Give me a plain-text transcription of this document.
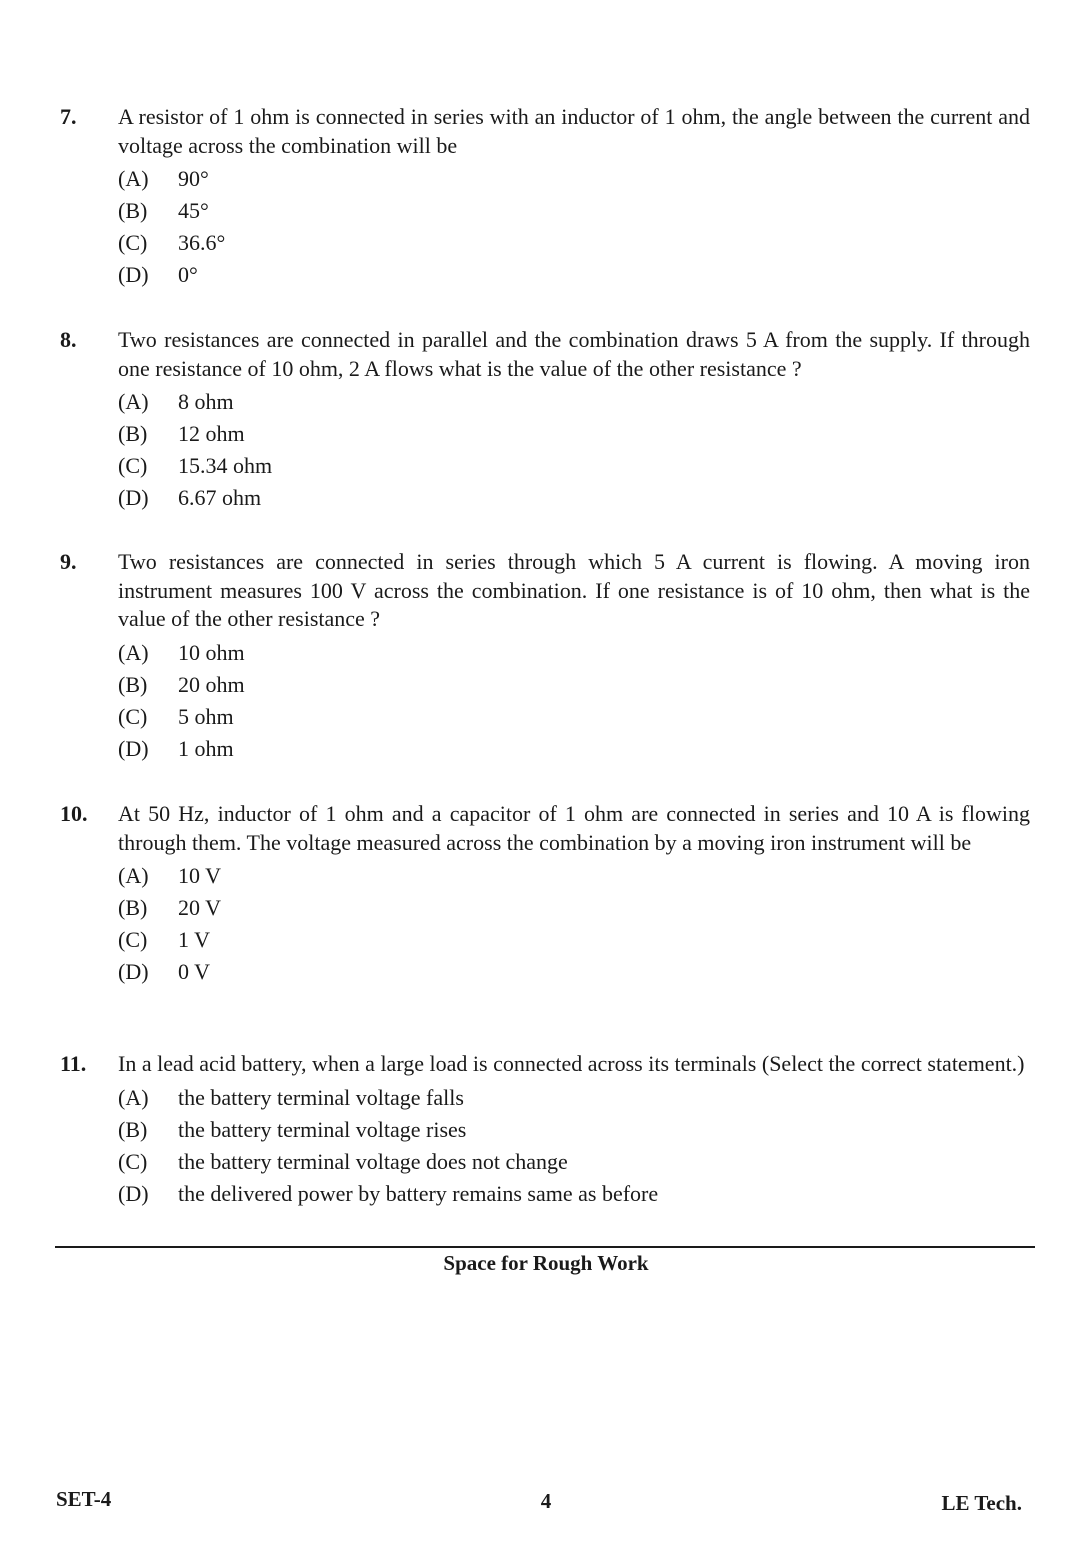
7.	A resistor of 1 ohm is connected in series with an inductor of 1 ohm, the angle between the current and voltage across the combination will be
(A)	90°
(B)	45°
(C)	36.6°
(D)	0°
8.	Two resistances are connected in parallel and the combination draws 5 A from the supply. If through one resistance of 10 ohm, 2 A flows what is the value of the other resistance ?
(A)	8 ohm
(B)	12 ohm
(C)	15.34 ohm
(D)	6.67 ohm
9.	Two resistances are connected in series through which 5 A current is flowing. A moving iron instrument measures 100 V across the combination. If one resistance is of 10 ohm, then what is the value of the other resistance ?
(A)	10 ohm
(B)	20 ohm
(C)	5 ohm
(D)	1 ohm
10.	At 50 Hz, inductor of 1 ohm and a capacitor of 1 ohm are connected in series and 10 A is flowing through them. The voltage measured across the combination by a moving iron instrument will be
(A)	10 V
(B)	20 V
(C)	1 V
(D)	0 V
11.	In a lead acid battery, when a large load is connected across its terminals (Select the correct statement.)
(A)	the battery terminal voltage falls
(B)	the battery terminal voltage rises
(C)	the battery terminal voltage does not change
(D)	the delivered power by battery remains same as before
Space for Rough Work
SET-4	4	LE Tech.
